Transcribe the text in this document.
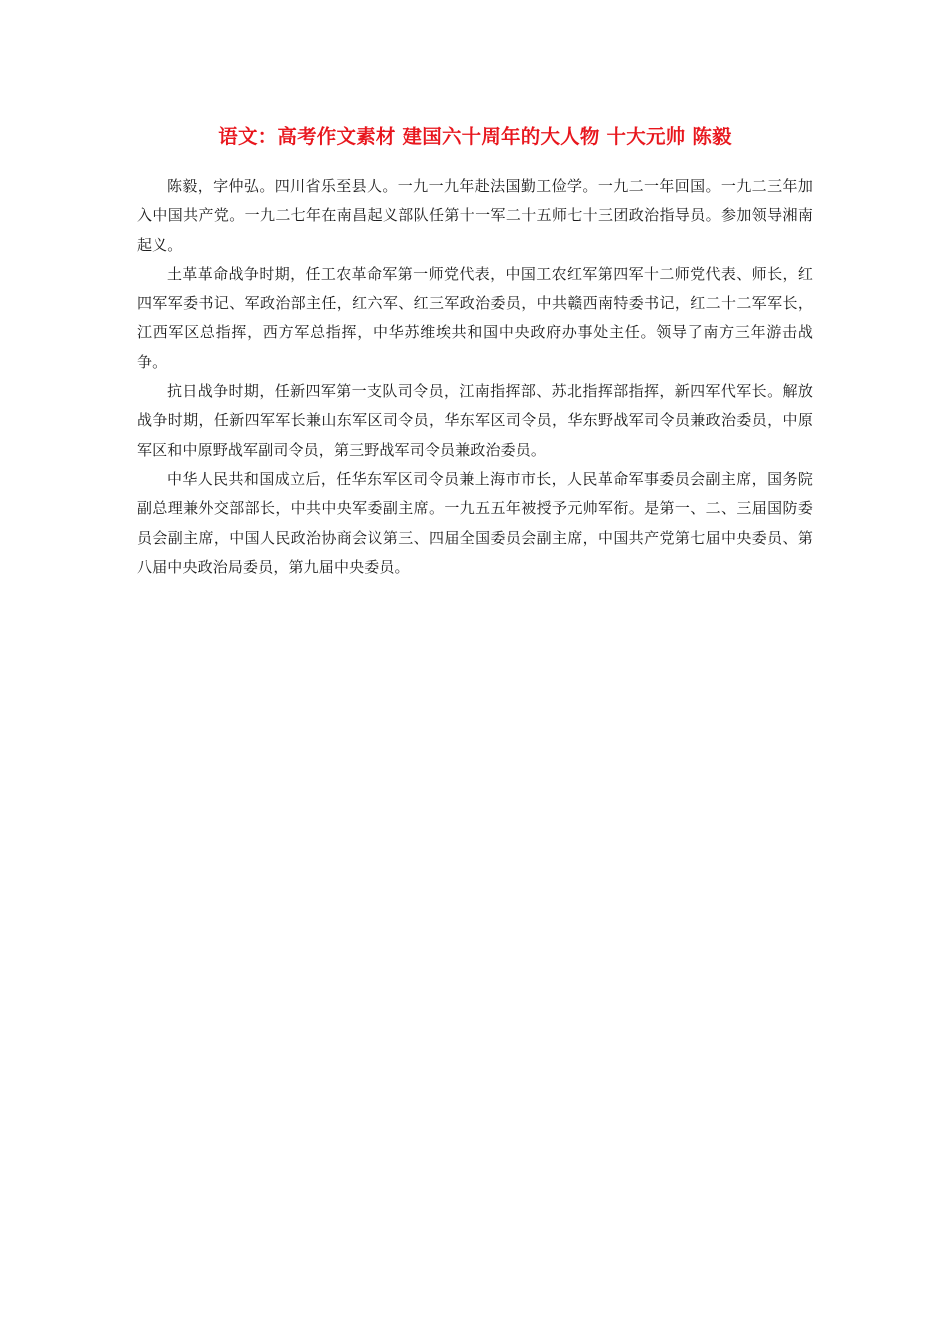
语文：高考作文素材 建国六十周年的大人物 十大元帅 陈毅

陈毅，字仲弘。四川省乐至县人。一九一九年赴法国勤工俭学。一九二一年回国。一九二三年加入中国共产党。一九二七年在南昌起义部队任第十一军二十五师七十三团政治指导员。参加领导湘南起义。

土革革命战争时期，任工农革命军第一师党代表，中国工农红军第四军十二师党代表、师长，红四军军委书记、军政治部主任，红六军、红三军政治委员，中共赣西南特委书记，红二十二军军长，江西军区总指挥，西方军总指挥，中华苏维埃共和国中央政府办事处主任。领导了南方三年游击战争。

抗日战争时期，任新四军第一支队司令员，江南指挥部、苏北指挥部指挥，新四军代军长。解放战争时期，任新四军军长兼山东军区司令员，华东军区司令员，华东野战军司令员兼政治委员，中原军区和中原野战军副司令员，第三野战军司令员兼政治委员。

中华人民共和国成立后，任华东军区司令员兼上海市市长，人民革命军事委员会副主席，国务院副总理兼外交部部长，中共中央军委副主席。一九五五年被授予元帅军衔。是第一、二、三届国防委员会副主席，中国人民政治协商会议第三、四届全国委员会副主席，中国共产党第七届中央委员、第八届中央政治局委员，第九届中央委员。
